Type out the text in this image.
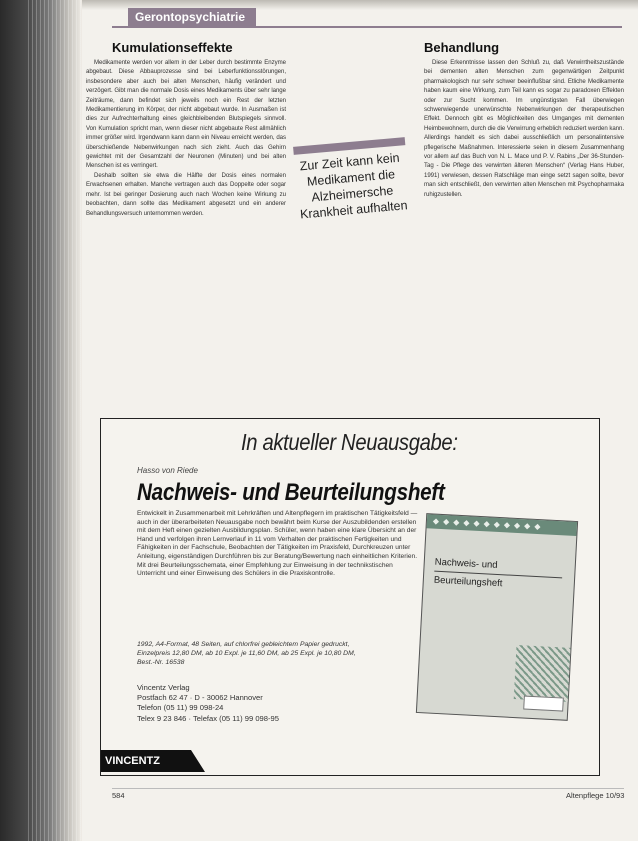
Gerontopsychiatrie
Kumulationseffekte

Medikamente werden vor allem in der Leber durch bestimmte Enzyme abgebaut. Diese Abbauprozesse sind bei Leberfunktionsstörungen, insbesondere aber auch bei alten Menschen, häufig verändert und verzögert. Gibt man die normale Dosis eines Medikaments über sehr lange Zeiträume, dann befindet sich jeweils noch ein Rest der letzten Medikamentierung im Körper, der nicht abgebaut wurde. In Ausmaßen ist dies zur Aufrechterhaltung eines gleichbleibenden Blutspiegels sinnvoll. Von Kumulation spricht man, wenn dieser nicht abgebaute Rest allmählich immer größer wird. Irgendwann kann dann ein Niveau erreicht werden, das überschießende Nebenwirkungen nach sich zieht. Auch das Gehirn gewichtet mit der Gesamtzahl der Neuronen (Minuten) und bei alten Menschen ist es verringert.

Deshalb sollten sie etwa die Hälfte der Dosis eines normalen Erwachsenen erhalten. Manche vertragen auch das Doppelte oder sogar mehr. Ist bei geringer Dosierung auch nach Wochen keine Wirkung zu beobachten, dann sollte das Medikament abgesetzt und ein anderer Behandlungsversuch unternommen werden.

Zur Zeit kann kein Medikament die Alzheimersche Krankheit aufhalten
Behandlung

Diese Erkenntnisse lassen den Schluß zu, daß Verwirrtheitszustände bei dementen alten Menschen zum gegenwärtigen Zeitpunkt pharmakologisch nur sehr schwer beeinflußbar sind. Etliche Medikamente haben kaum eine Wirkung, zum Teil kann es sogar zu paradoxen Effekten oder zur Sucht kommen. Im ungünstigsten Fall überwiegen schwerwiegende unerwünschte Nebenwirkungen der therapeutischen Effekt. Dennoch gibt es Möglichkeiten des Umganges mit dementen Heimbewohnern, durch die die Verwirrung erheblich reduziert werden kann. Allerdings handelt es sich dabei ausschließlich um personalintensive pflegerische Maßnahmen. Interessierte seien in diesem Zusammenhang vor allem auf das Buch von N. L. Mace und P. V. Rabins „Der 36-Stunden-Tag - Die Pflege des verwirrten älteren Menschen“ (Verlag Hans Huber, 1991) verwiesen, dessen Ratschläge man einge setzt sagen sollte, bevor man sich entschließt, den verwirrten alten Menschen mit Psychopharmaka ruhigzustellen.

In aktueller Neuausgabe:
Hasso von Riede
Nachweis- und Beurteilungsheft

Entwickelt in Zusammenarbeit mit Lehrkräften und Altenpflegern im praktischen Tätigkeitsfeld — auch in der überarbeiteten Neuausgabe noch bewährt beim Kurse der Auszubildenden erstellen mit dem Heft einen gezielten Ausbildungsplan. Schüler, wenn haben eine klare Übersicht an der Hand und verfolgen ihren Lernverlauf in 11 vom Verhalten der praktischen Fertigkeiten und Fähigkeiten in der Fachschule, Beobachten der Tätigkeiten im Praxisfeld, Durchkreuzen unter Anleitung, eigenständigen Durchführen bis zur Beratung/Bewertung nach einheitlichen Kriterien.

Mit drei Beurteilungsschemata, einer Empfehlung zur Einweisung in der technikstischen Unterricht und einer Einweisung des Schülers in die Praxiskontrolle.

1992, A4-Format, 48 Seiten, auf chlorfrei gebleichtem Papier gedruckt,
Einzelpreis 12,80 DM, ab 10 Expl. je 11,60 DM, ab 25 Expl. je 10,80 DM,
Best.-Nr. 16538
Vincentz Verlag
Postfach 62 47 · D - 30062 Hannover
Telefon (05 11) 99 098-24
Telex 9 23 846 · Telefax (05 11) 99 098-95
◆◆◆◆◆◆◆◆◆◆◆
Nachweis- und
Beurteilungsheft
VINCENTZ
584	Altenpflege 10/93
